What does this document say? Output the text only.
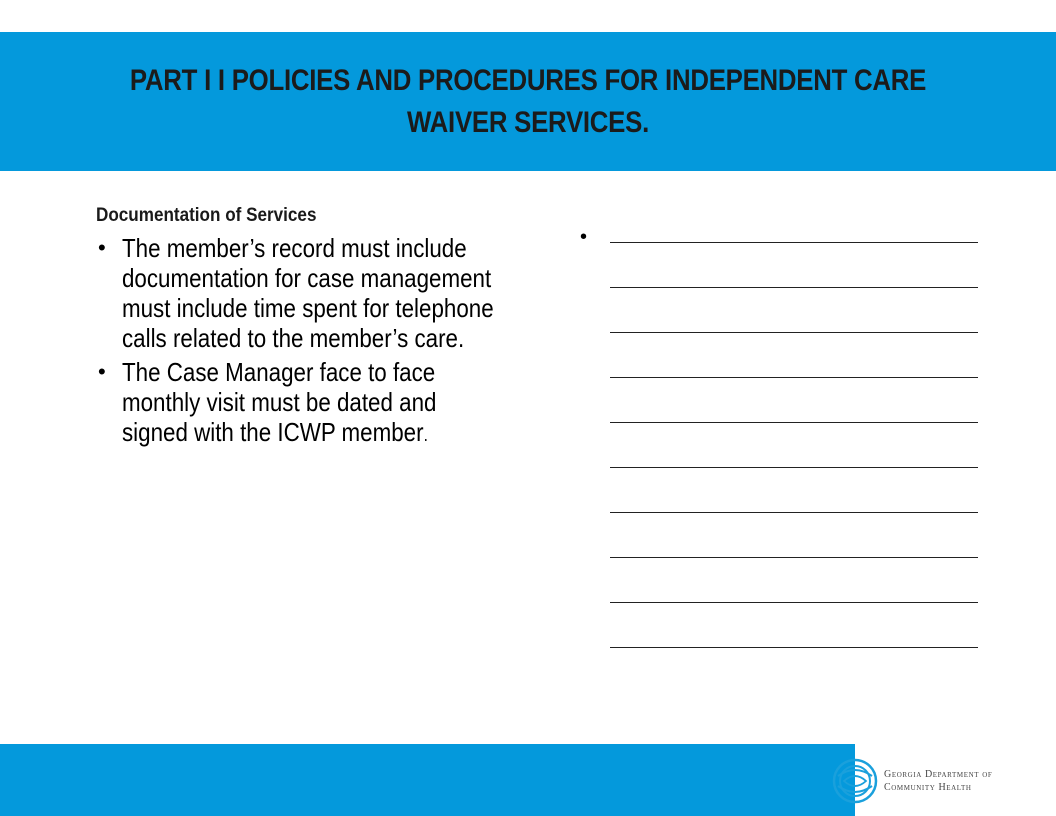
PART I I POLICIES AND PROCEDURES FOR INDEPENDENT CARE WAIVER SERVICES.
Documentation of Services
• The member’s record must include documentation for case management must include time spent for telephone calls related to the member’s care.
• The Case Manager face to face monthly visit must be dated and signed with the ICWP member.
•
Georgia Department of
Community Health
